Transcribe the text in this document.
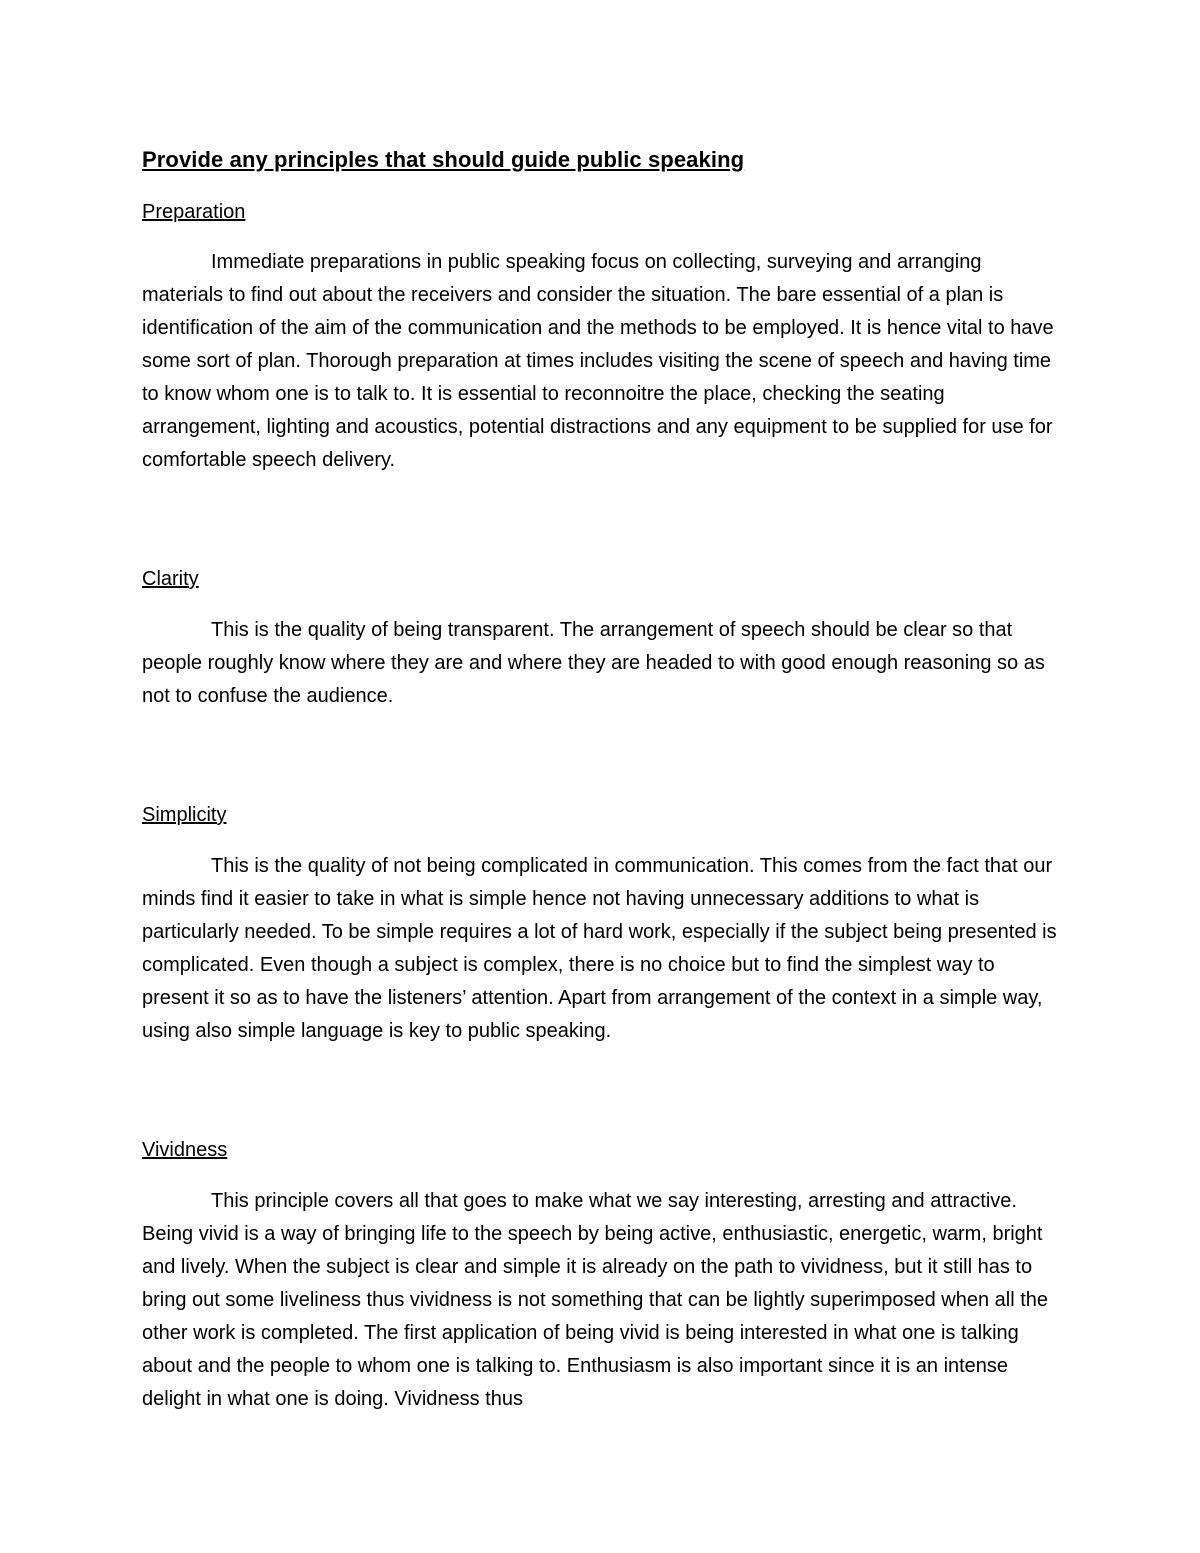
Provide any principles that should guide public speaking
Preparation

Immediate preparations in public speaking focus on collecting, surveying and arranging materials to find out about the receivers and consider the situation. The bare essential of a plan is identification of the aim of the communication and the methods to be employed. It is hence vital to have some sort of plan. Thorough preparation at times includes visiting the scene of speech and having time to know whom one is to talk to. It is essential to reconnoitre the place, checking the seating arrangement, lighting and acoustics, potential distractions and any equipment to be supplied for use for comfortable speech delivery.

Clarity

This is the quality of being transparent. The arrangement of speech should be clear so that people roughly know where they are and where they are headed to with good enough reasoning so as not to confuse the audience.

Simplicity

This is the quality of not being complicated in communication. This comes from the fact that our minds find it easier to take in what is simple hence not having unnecessary additions to what is particularly needed. To be simple requires a lot of hard work, especially if the subject being presented is complicated. Even though a subject is complex, there is no choice but to find the simplest way to present it so as to have the listeners’ attention. Apart from arrangement of the context in a simple way, using also simple language is key to public speaking.

Vividness

This principle covers all that goes to make what we say interesting, arresting and attractive. Being vivid is a way of bringing life to the speech by being active, enthusiastic, energetic, warm, bright and lively. When the subject is clear and simple it is already on the path to vividness, but it still has to bring out some liveliness thus vividness is not something that can be lightly superimposed when all the other work is completed. The first application of being vivid is being interested in what one is talking about and the people to whom one is talking to. Enthusiasm is also important since it is an intense delight in what one is doing. Vividness thus
